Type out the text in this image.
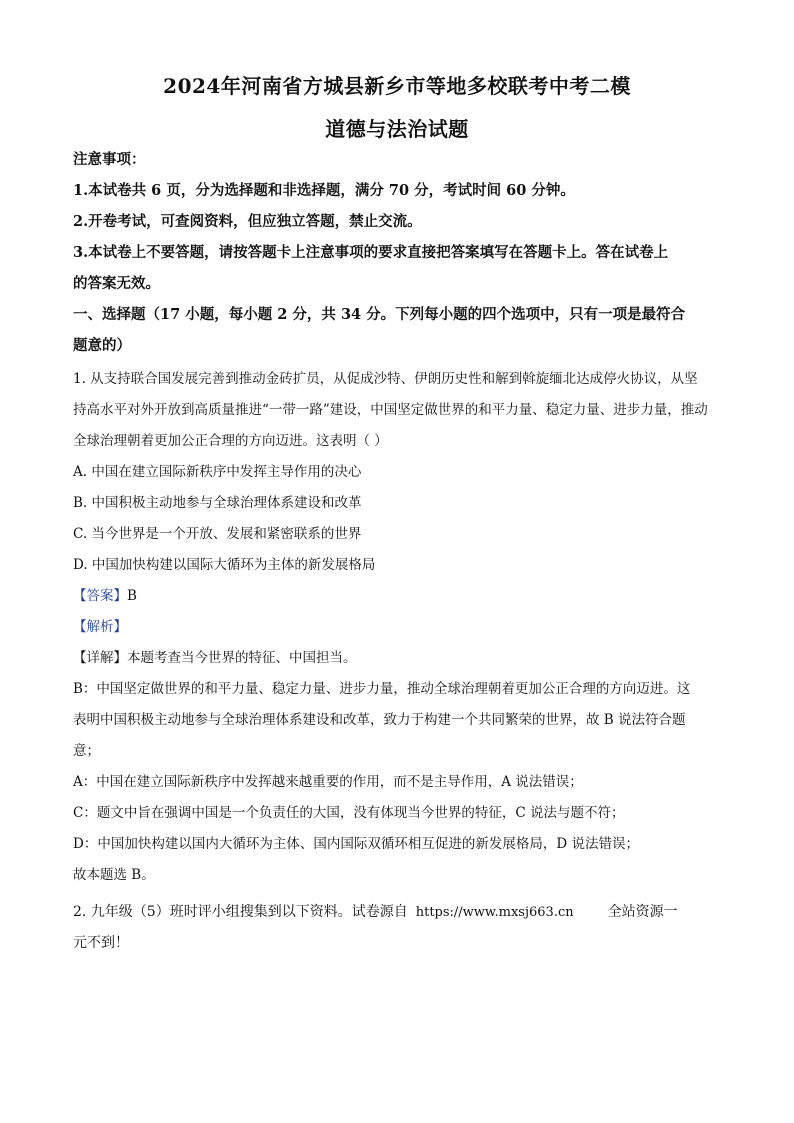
2024年河南省方城县新乡市等地多校联考中考二模
道德与法治试题
注意事项：
1.本试卷共 6 页，分为选择题和非选择题，满分 70 分，考试时间 60 分钟。
2.开卷考试，可查阅资料，但应独立答题，禁止交流。
3.本试卷上不要答题，请按答题卡上注意事项的要求直接把答案填写在答题卡上。答在试卷上
的答案无效。
一、选择题（17 小题，每小题 2 分，共 34 分。下列每小题的四个选项中，只有一项是最符合
题意的）
1. 从支持联合国发展完善到推动金砖扩员，从促成沙特、伊朗历史性和解到斡旋缅北达成停火协议，从坚
持高水平对外开放到高质量推进“一带一路”建设，中国坚定做世界的和平力量、稳定力量、进步力量，推动
全球治理朝着更加公正合理的方向迈进。这表明（ ）
A. 中国在建立国际新秩序中发挥主导作用的决心
B. 中国积极主动地参与全球治理体系建设和改革
C. 当今世界是一个开放、发展和紧密联系的世界
D. 中国加快构建以国际大循环为主体的新发展格局
【答案】B
【解析】
【详解】本题考查当今世界的特征、中国担当。
B：中国坚定做世界的和平力量、稳定力量、进步力量，推动全球治理朝着更加公正合理的方向迈进。这
表明中国积极主动地参与全球治理体系建设和改革，致力于构建一个共同繁荣的世界，故 B 说法符合题
意；
A：中国在建立国际新秩序中发挥越来越重要的作用，而不是主导作用，A 说法错误；
C：题文中旨在强调中国是一个负责任的大国，没有体现当今世界的特征，C 说法与题不符；
D：中国加快构建以国内大循环为主体、国内国际双循环相互促进的新发展格局，D 说法错误；
故本题选 B。
2. 九年级（5）班时评小组搜集到以下资料。试卷源自 https://www.mxsj663.cn 全站资源一
元不到！
